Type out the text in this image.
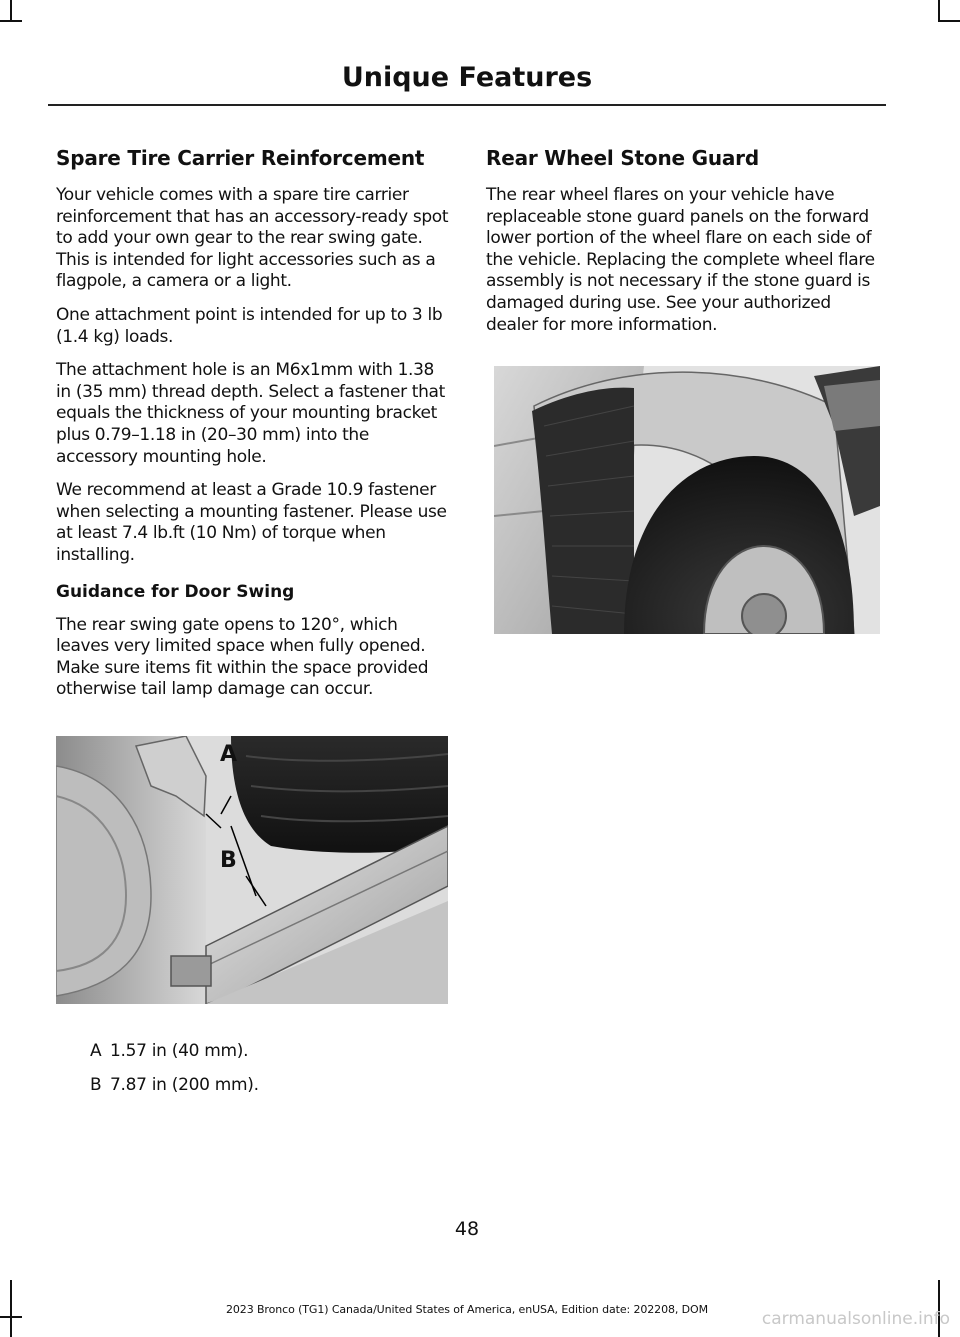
Unique Features
Spare Tire Carrier Reinforcement

Your vehicle comes with a spare tire carrier reinforcement that has an accessory-ready spot to add your own gear to the rear swing gate. This is intended for light accessories such as a flagpole, a camera or a light.

One attachment point is intended for up to 3 lb (1.4 kg) loads.

The attachment hole is an M6x1mm with 1.38 in (35 mm) thread depth. Select a fastener that equals the thickness of your mounting bracket plus 0.79–1.18 in (20–30 mm) into the accessory mounting hole.

We recommend at least a Grade 10.9 fastener when selecting a mounting fastener. Please use at least 7.4 lb.ft (10 Nm) of torque when installing.

Guidance for Door Swing

The rear swing gate opens to 120°, which leaves very limited space when fully opened. Make sure items fit within the space provided otherwise tail lamp damage can occur.

A
B
A 1.57 in (40 mm).
B 7.87 in (200 mm).
Rear Wheel Stone Guard

The rear wheel flares on your vehicle have replaceable stone guard panels on the forward lower portion of the wheel flare on each side of the vehicle. Replacing the complete wheel flare assembly is not necessary if the stone guard is damaged during use. See your authorized dealer for more information.

48
2023 Bronco (TG1) Canada/United States of America, enUSA, Edition date: 202208, DOM	carmanualsonline.info
